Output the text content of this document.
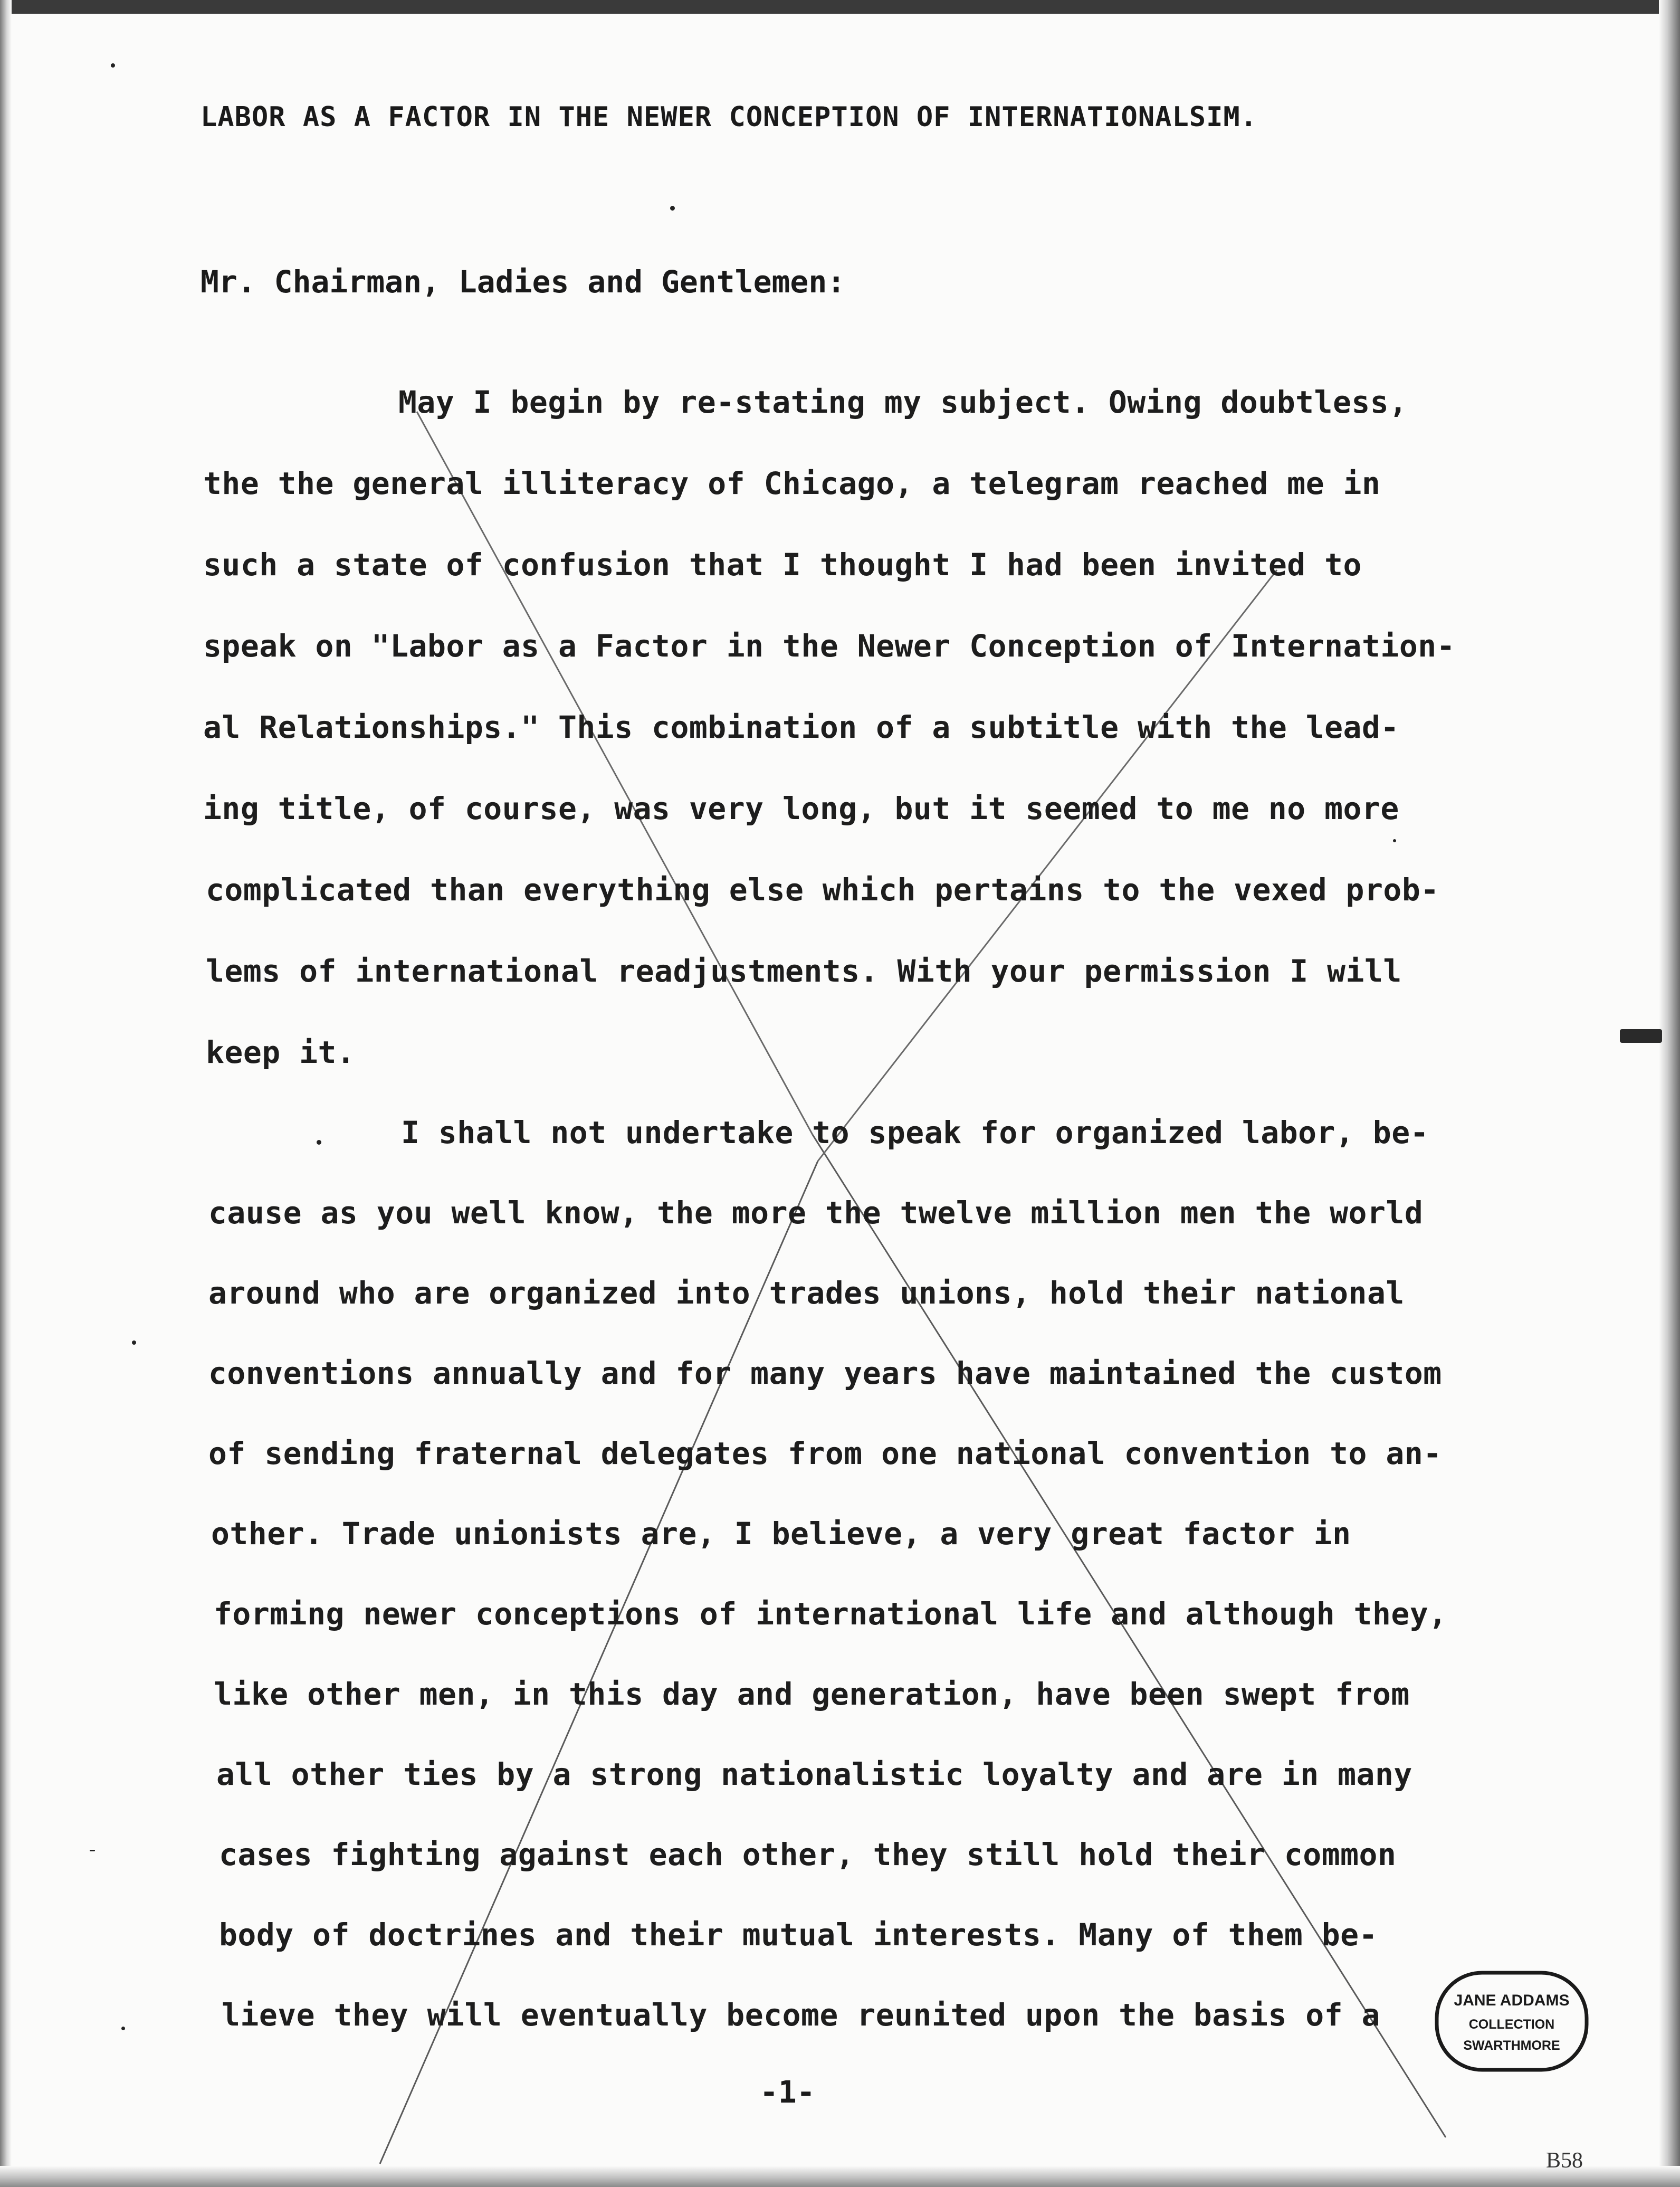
LABOR AS A FACTOR IN THE NEWER CONCEPTION OF INTERNATIONALSIM.

Mr. Chairman, Ladies and Gentlemen:

May I begin by re-stating my subject. Owing doubtless,

the the general illiteracy of Chicago, a telegram reached me in

such a state of confusion that I thought I had been invited to

speak on "Labor as a Factor in the Newer Conception of Internation-

al Relationships." This combination of a subtitle with the lead-

ing title, of course, was very long, but it seemed to me no more

complicated than everything else which pertains to the vexed prob-

lems of international readjustments. With your permission I will

keep it.

I shall not undertake to speak for organized labor, be-

cause as you well know, the more the twelve million men the world

around who are organized into trades unions, hold their national

conventions annually and for many years have maintained the custom

of sending fraternal delegates from one national convention to an-

other. Trade unionists are, I believe, a very great factor in

forming newer conceptions of international life and although they,

like other men, in this day and generation, have been swept from

all other ties by a strong nationalistic loyalty and are in many

cases fighting against each other, they still hold their common

body of doctrines and their mutual interests. Many of them be-

lieve they will eventually become reunited upon the basis of a

-1-

JANE ADDAMS
COLLECTION
SWARTHMORE

B58
